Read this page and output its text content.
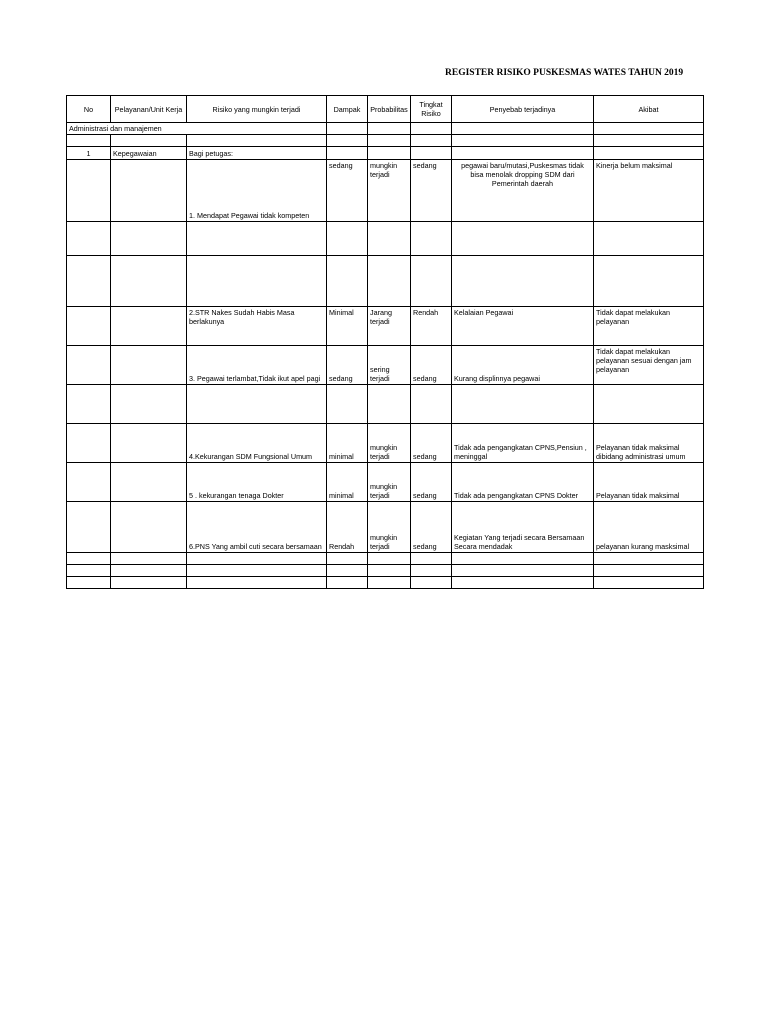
REGISTER RISIKO PUSKESMAS WATES TAHUN 2019
No	Pelayanan/Unit Kerja	Risiko yang mungkin terjadi	Dampak	Probabilitas	Tingkat Risiko	Penyebab terjadinya	Akibat
Administrasi dan manajemen							

1	Kepegawaian	Bagi petugas:					
		1. Mendapat Pegawai tidak kompeten	sedang	mungkin terjadi	sedang	pegawai baru/mutasi,Puskesmas tidak bisa menolak dropping SDM dari Pemerintah daerah	Kinerja belum maksimal

		2.STR Nakes Sudah Habis Masa berlakunya	Minimal	Jarang terjadi	Rendah	Kelalaian Pegawai	Tidak dapat melakukan pelayanan
		3. Pegawai terlambat,Tidak ikut apel pagi	sedang	sering terjadi	sedang	Kurang displinnya pegawai	Tidak dapat melakukan pelayanan sesuai dengan jam pelayanan

		4.Kekurangan SDM Fungsional Umum	minimal	mungkin terjadi	sedang	Tidak ada pengangkatan CPNS,Pensiun , meninggal	Pelayanan tidak maksimal dibidang administrasi umum
		5 . kekurangan tenaga Dokter	minimal	mungkin terjadi	sedang	Tidak ada pengangkatan CPNS Dokter	Pelayanan tidak maksimal
		6.PNS Yang ambil cuti secara bersamaan	Rendah	mungkin terjadi	sedang	Kegiatan Yang terjadi secara Bersamaan Secara mendadak	pelayanan kurang masksimal
